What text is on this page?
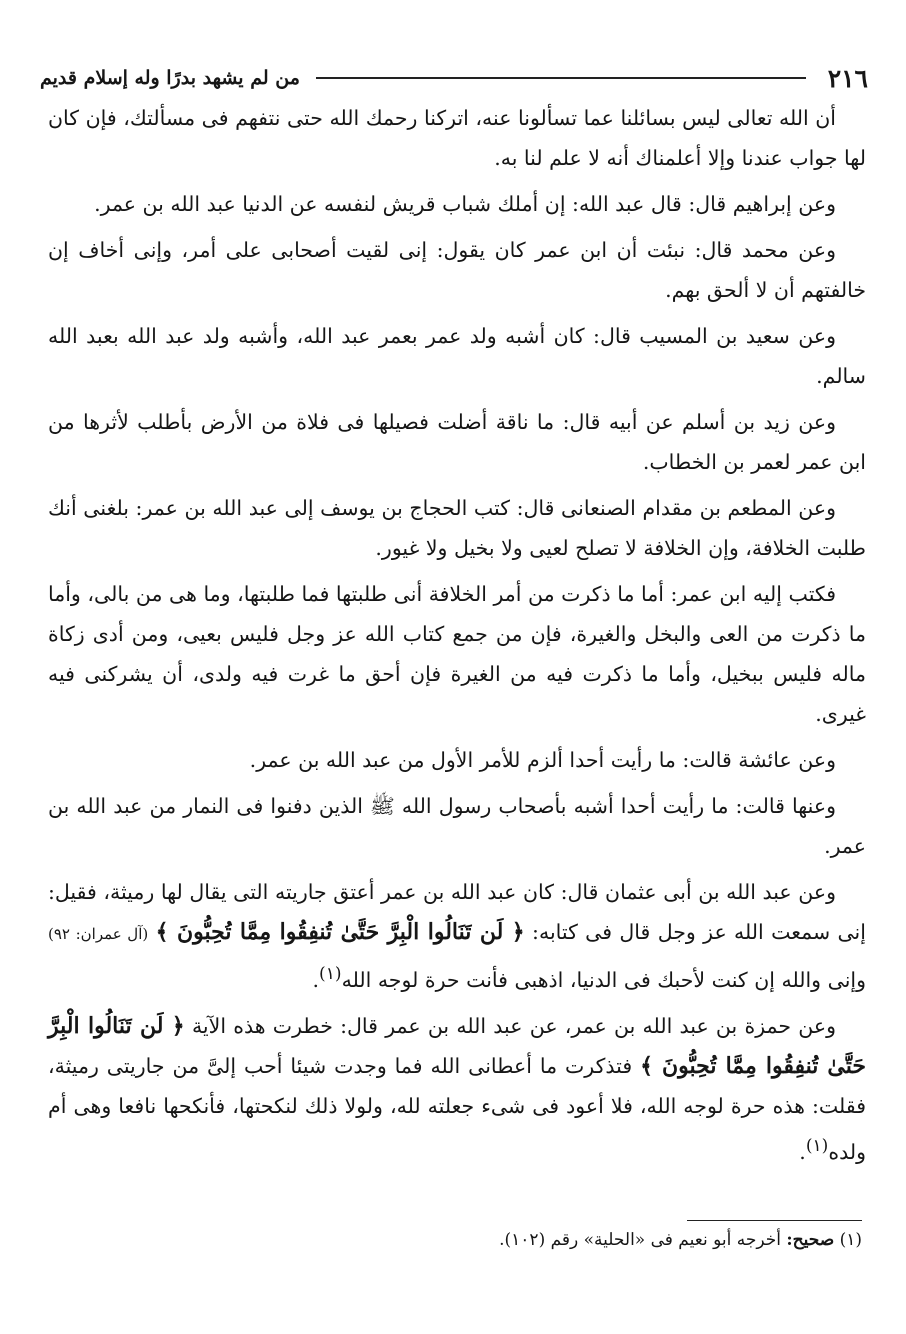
٢١٦
من لم يشهد بدرًا وله إسلام قديم

أن الله تعالى ليس بسائلنا عما تسألونا عنه، اتركنا رحمك الله حتى نتفهم فى مسألتك، فإن كان لها جواب عندنا وإلا أعلمناك أنه لا علم لنا به.

وعن إبراهيم قال: قال عبد الله: إن أملك شباب قريش لنفسه عن الدنيا عبد الله بن عمر.

وعن محمد قال: نبئت أن ابن عمر كان يقول: إنى لقيت أصحابى على أمر، وإنى أخاف إن خالفتهم أن لا ألحق بهم.

وعن سعيد بن المسيب قال: كان أشبه ولد عمر بعمر عبد الله، وأشبه ولد عبد الله بعبد الله سالم.

وعن زيد بن أسلم عن أبيه قال: ما ناقة أضلت فصيلها فى فلاة من الأرض بأطلب لأثرها من ابن عمر لعمر بن الخطاب.

وعن المطعم بن مقدام الصنعانى قال: كتب الحجاج بن يوسف إلى عبد الله بن عمر: بلغنى أنك طلبت الخلافة، وإن الخلافة لا تصلح لعيى ولا بخيل ولا غيور.

فكتب إليه ابن عمر: أما ما ذكرت من أمر الخلافة أنى طلبتها فما طلبتها، وما هى من بالى، وأما ما ذكرت من العى والبخل والغيرة، فإن من جمع كتاب الله عز وجل فليس بعيى، ومن أدى زكاة ماله فليس ببخيل، وأما ما ذكرت فيه من الغيرة فإن أحق ما غرت فيه ولدى، أن يشركنى فيه غيرى.

وعن عائشة قالت: ما رأيت أحدا ألزم للأمر الأول من عبد الله بن عمر.

وعنها قالت: ما رأيت أحدا أشبه بأصحاب رسول الله ﷺ الذين دفنوا فى النمار من عبد الله بن عمر.

وعن عبد الله بن أبى عثمان قال: كان عبد الله بن عمر أعتق جاريته التى يقال لها رميثة، فقيل: إنى سمعت الله عز وجل قال فى كتابه: ﴿ لَن تَنَالُوا الْبِرَّ حَتَّىٰ تُنفِقُوا مِمَّا تُحِبُّونَ ﴾ (آل عمران: ٩٢) وإنى والله إن كنت لأحبك فى الدنيا، اذهبى فأنت حرة لوجه الله$^{(١)}$.

وعن حمزة بن عبد الله بن عمر، عن عبد الله بن عمر قال: خطرت هذه الآية ﴿ لَن تَنَالُوا الْبِرَّ حَتَّىٰ تُنفِقُوا مِمَّا تُحِبُّونَ ﴾ فتذكرت ما أعطانى الله فما وجدت شيئا أحب إلىَّ من جاريتى رميثة، فقلت: هذه حرة لوجه الله، فلا أعود فى شىء جعلته لله، ولولا ذلك لنكحتها، فأنكحها نافعا وهى أم ولده$^{(١)}$.

(١) صحيح: أخرجه أبو نعيم فى «الحلية» رقم (١٠٢).
